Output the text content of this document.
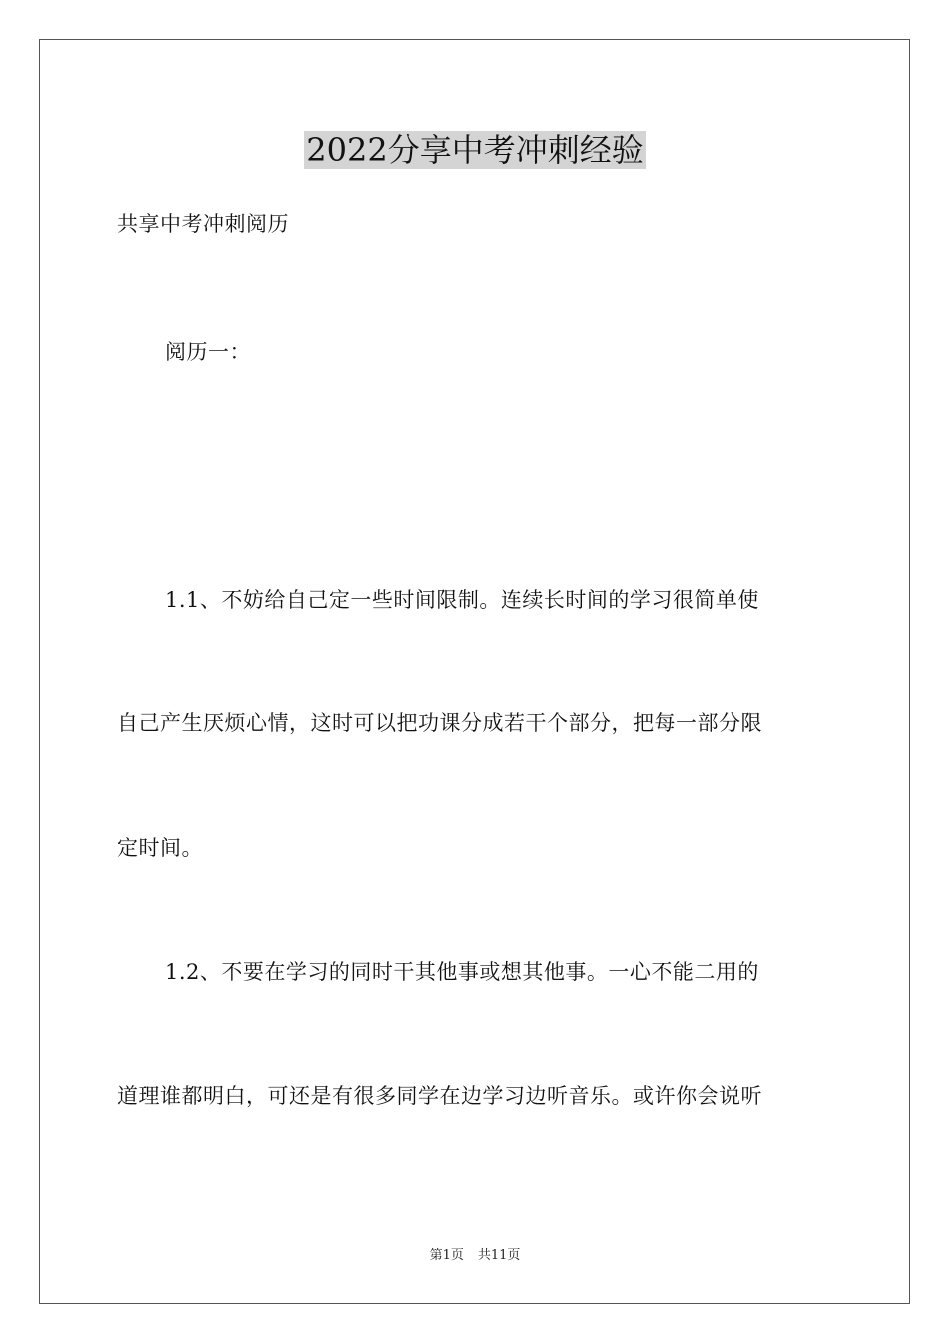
2022分享中考冲刺经验

共享中考冲刺阅历

阅历一：

1.1、不妨给自己定一些时间限制。连续长时间的学习很简单使

自己产生厌烦心情，这时可以把功课分成若干个部分，把每一部分限

定时间。

1.2、不要在学习的同时干其他事或想其他事。一心不能二用的

道理谁都明白，可还是有很多同学在边学习边听音乐。或许你会说听

第1页 共11页
